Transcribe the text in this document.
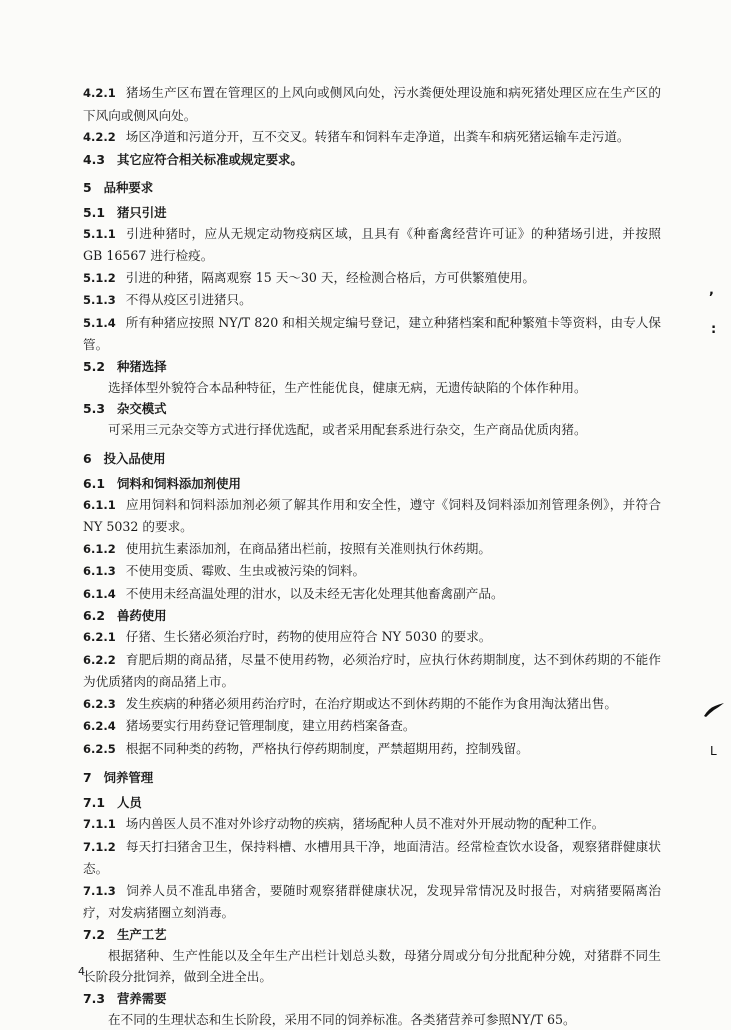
4.2.1 猪场生产区布置在管理区的上风向或侧风向处，污水粪便处理设施和病死猪处理区应在生产区的下风向或侧风向处。

4.2.2 场区净道和污道分开，互不交叉。转猪车和饲料车走净道，出粪车和病死猪运输车走污道。

4.3 其它应符合相关标准或规定要求。

5 品种要求

5.1 猪只引进

5.1.1 引进种猪时，应从无规定动物疫病区域，且具有《种畜禽经营许可证》的种猪场引进，并按照GB 16567 进行检疫。

5.1.2 引进的种猪，隔离观察 15 天～30 天，经检测合格后，方可供繁殖使用。

5.1.3 不得从疫区引进猪只。

5.1.4 所有种猪应按照 NY/T 820 和相关规定编号登记，建立种猪档案和配种繁殖卡等资料，由专人保管。

5.2 种猪选择

选择体型外貌符合本品种特征，生产性能优良，健康无病，无遗传缺陷的个体作种用。

5.3 杂交模式

可采用三元杂交等方式进行择优选配，或者采用配套系进行杂交，生产商品优质肉猪。

6 投入品使用

6.1 饲料和饲料添加剂使用

6.1.1 应用饲料和饲料添加剂必须了解其作用和安全性，遵守《饲料及饲料添加剂管理条例》，并符合 NY 5032 的要求。

6.1.2 使用抗生素添加剂，在商品猪出栏前，按照有关准则执行休药期。

6.1.3 不使用变质、霉败、生虫或被污染的饲料。

6.1.4 不使用未经高温处理的泔水，以及未经无害化处理其他畜禽副产品。

6.2 兽药使用

6.2.1 仔猪、生长猪必须治疗时，药物的使用应符合 NY 5030 的要求。

6.2.2 育肥后期的商品猪，尽量不使用药物，必须治疗时，应执行休药期制度，达不到休药期的不能作为优质猪肉的商品猪上市。

6.2.3 发生疾病的种猪必须用药治疗时，在治疗期或达不到休药期的不能作为食用淘汰猪出售。

6.2.4 猪场要实行用药登记管理制度，建立用药档案备查。

6.2.5 根据不同种类的药物，严格执行停药期制度，严禁超期用药，控制残留。

7 饲养管理

7.1 人员

7.1.1 场内兽医人员不准对外诊疗动物的疾病，猪场配种人员不准对外开展动物的配种工作。

7.1.2 每天打扫猪舍卫生，保持料槽、水槽用具干净，地面清洁。经常检查饮水设备，观察猪群健康状态。

7.1.3 饲养人员不准乱串猪舍，要随时观察猪群健康状况，发现异常情况及时报告，对病猪要隔离治疗，对发病猪圈立刻消毒。

7.2 生产工艺

根据猪种、生产性能以及全年生产出栏计划总头数，母猪分周或分旬分批配种分娩，对猪群不同生长阶段分批饲养，做到全进全出。

7.3 营养需要

在不同的生理状态和生长阶段，采用不同的饲养标准。各类猪营养可参照NY/T 65。

4
,
:
L
